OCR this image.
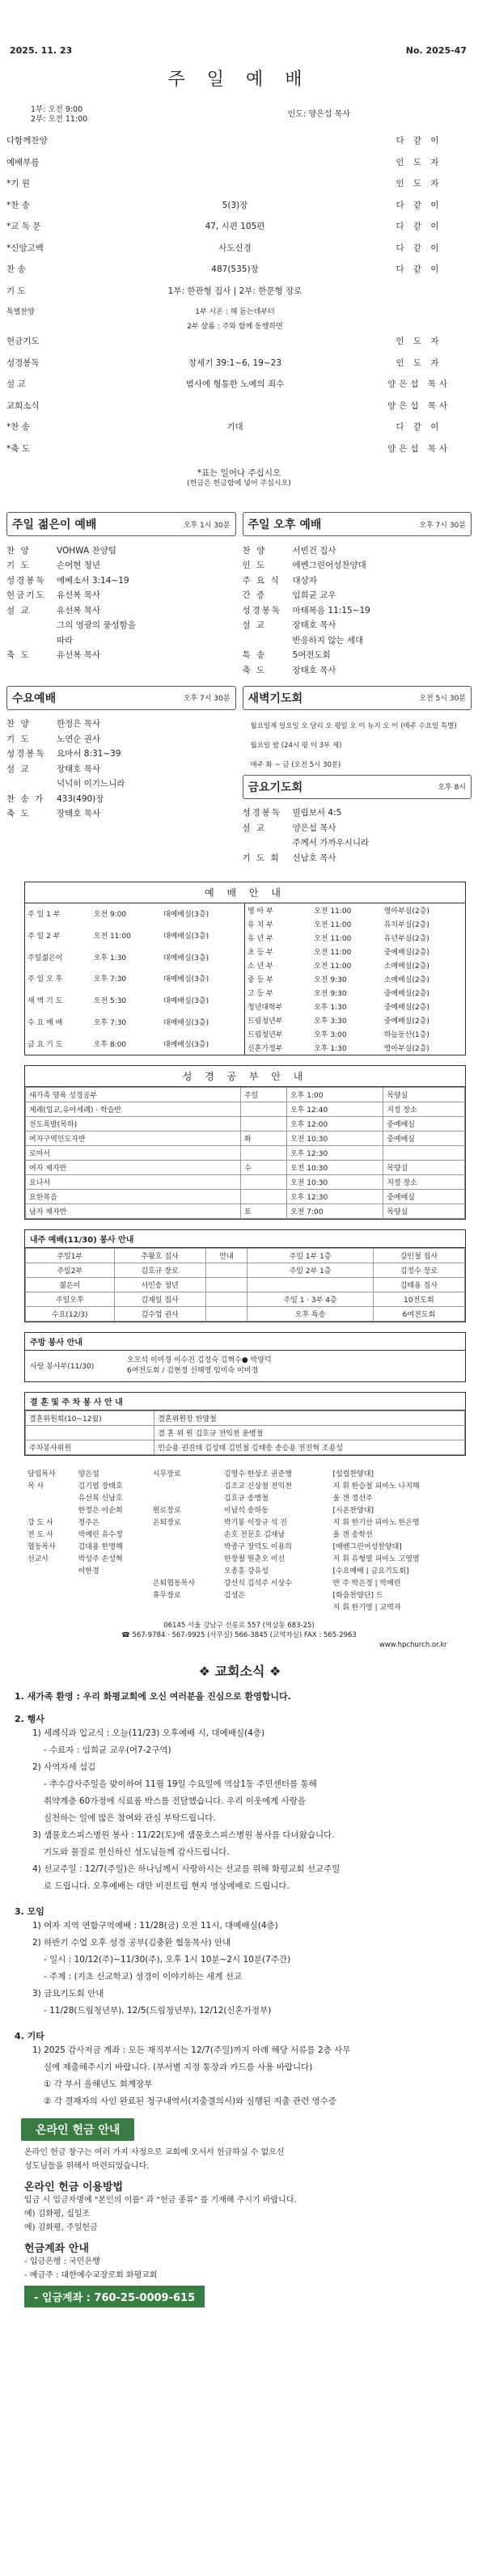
2025. 11. 23	No. 2025-47
주 일 예 배
1부: 오전 9:00
2부: 오전 11:00
인도: 양은섭 목사
다함께찬양	다 같 이
예배부름	인 도 자
*기 원	인 도 자
*찬 송	5(3)장	다 같 이
*교 독 문	47, 시편 105편	다 같 이
*신앙고백	사도신경	다 같 이
찬 송	487(535)장	다 같 이
기 도	1부: 한관형 집사 | 2부: 한문형 장로
특별찬양	1부 시온 : 해 돋는데부터
2부 샬롬 : 주와 함께 동행하면
헌금기도	인 도 자
성경봉독	창세기 39:1~6, 19~23	인 도 자
설 교	범사에 형통한 노예의 죄수	양은섭 목사
교회소식	양은섭 목사
*찬 송	기대	다 같 이
*축 도	양은섭 목사
*표는 일어나 주십시오
(헌금은 헌금함에 넣어 주십시오)
주일 젊은이 예배	오후 1시 30분
찬 양	VOHWA 찬양팀
기 도	손여현 청년
성경봉독	에베소서 3:14~19
헌금기도	유선복 목사
설 교	유선복 목사
그의 영광의 풍성함을
따라
축 도	유선복 목사
주일 오후 예배	오후 7시 30분
찬 양	서빈건 집사
인 도	에벤그린어성찬양대
주 요 식	대상자
간 증	임희균 교우
성경봉독	마태복음 11:15~19
설 교	장태호 목사
반응하지 않는 세대
특 송	5여전도회
축 도	장태호 목사
수요예배	오후 7시 30분
찬 양	한정은 목사
기 도	노연순 권사
성경봉독	요마서 8:31~39
설 교	장태호 목사
넉넉히 이기느니라
찬 송 가	433(490)장
축 도	장태호 목사
새벽기도회	오전 5시 30분
월요일제 일요일 오 당리 오 평일 오 이 뉴지 오 이 (매주 수요일 특별)
월요일 밤 (24시 평 이 3부 제)
매주 화 ~ 금 (오전 5시 30분)
금요기도회	오후 8시
성경봉독	빌립보서 4:5
설 교	양은섭 목사
주께서 가까우시니라
기 도 회	신남호 목사
예 배 안 내
주 일 1 부	오전 9:00	대예배실(3층)
주 일 2 부	오전 11:00	대예배실(3층)
주일젊은이	오후 1:30	대예배실(3층)
주 일 오 후	오후 7:30	대예배실(3층)
새 벽 기 도	오전 5:30	대예배실(3층)
수 요 예 배	오후 7:30	대예배실(3층)
금 요 기 도	오후 8:00	대예배실(3층)
영 아 부	오전 11:00	영아부실(2층)
유 치 부	오전 11:00	유치부실(2층)
유 년 부	오전 11:00	유년부실(2층)
초 등 부	오전 11:00	중예배실(2층)
소 년 부	오전 11:00	소예배실(2층)
중 등 부	오전 9:30	소예배실(2층)
고 등 부	오전 9:30	중예배실(2층)
청년대학부	오후 1:30	중예배실(2층)
드림청년부	오후 3:30	중예배실(2층)
드림청년부	오후 3:00	하늘동산(1층)
신혼가정부	오후 1:30	영아부실(2층)
성 경 공 부 안 내
새가족 양육 성경공부	주일	오후 1:00	목양실
제례(입교,유아세례) · 학습반		오후 12:40	지정 장소
전도폭발(목하)		오후 12:00	중예배실
여자구역인도자반	화	오전 10:30	중예배실
로마서		오후 12:30	
여자 제자반	수	오전 10:30	목양실
요나서		오전 10:30	지정 장소
요한복음		오후 12:30	중예배실
남자 제자반	토	오전 7:00	목양실
내주 예배(11/30) 봉사 안내
주일1부	추왕호 집사	안내	주일 1부 1층	강인철 집사
주일2부	김호규 장로		주일 2부 1층	김정수 장로
젊은이	서민송 청년			김태용 집사
주일오후	김재일 집사		주일 1 · 3부 4층	10전도회
수요(12/3)	김수업 권사		오후 특송	6여전도회
주방 봉사 안내
사랑 봉사부(11/30)
오모석 이미경 이수진 김정숙 김혁수● 박양덕
6여전도회 / 김현정 선해영 임미숙 이미경
결 혼 및 주 차 봉 사 안 내
결혼위원회(10~12월)	결혼위원장 한양철
	결 혼 위 원 김호규 전익천 윤병철
주차봉사위원	인승용 권진태 김성태 김민철 김태송 송승용 전진혁 조용성
담임목사	양은섭	시무장로	김영수 한상조 권준행	[설립찬양대]
목 사	김기엽 장태호		김조교 신상철 전익천	지 휘 한승철 피아노 나지해
	유선복 신남호		김호규 송병철	올 겐 정선주
	한정은 이순희	원로장로	이남석 송하동	[시온찬양대]
강 도 사	정주은	은퇴장로	박기봉 이장규 석 진	지 휘 한기산 피아노 한은영
전 도 사	박예린 유수정		손호 전문호 김재남	올 겐 송학선
협동목사	김대용 한명해		박종구 장덕도 이용의	[에벤그린어성찬양대]
선교사	박성주 손성혁		한장철 원춘오 이신	지 휘 유형열 피아노 고영영
	이한경		오종흥 강유성	[수요예배 | 금요기도회]
		은퇴협동목사	강선식 김석주 서상수	반 주 박은정 | 박예린
		휴무장로	김성은	[화음찬양단] 드
				지 휘 한기영 | 교역자
06145 서울 강남구 선릉로 557 (역삼동 683-25)
☎ 567-9784 · 567-9925 (사무실) 566-3845 (교역자실) FAX : 565-2963
www.hpchurch.or.kr
❖ 교회소식 ❖
1. 새가족 환영 : 우리 화평교회에 오신 여러분을 진심으로 환영합니다.
2. 행사

1) 세례식과 입교식 : 오늘(11/23) 오후예배 시, 대예배실(4층)

- 수료자 : 임희균 교우(여7-2구역)

2) 사역자세 섬김

- 추수감사주일을 맞이하여 11월 19일 수요일에 역삼1동 주민센터를 통해

취약계층 60가정에 식료품 박스를 전달했습니다. 우리 이웃에게 사랑을

실천하는 일에 많은 참여와 관심 부탁드립니다.

3) 샘물호스피스병원 봉사 : 11/22(토)에 샘물호스피스병원 봉사를 다녀왔습니다.

기도와 물질로 헌신하신 성도님들께 감사드립니다.

4) 선교주일 : 12/7(주일)은 하나님께서 사랑하시는 선교를 위해 화평교회 선교주일

로 드립니다. 오후예배는 대만 비전트립 현지 영상예배로 드립니다.

3. 모임

1) 여자 지역 연합구역예배 : 11/28(금) 오전 11시, 대예배실(4층)

2) 하반기 수업 오후 성경 공부(김충환 협동목사) 안내

- 일시 : 10/12(주)~11/30(주), 오후 1시 10분~2시 10분(7주간)

- 주제 : (기초 신교학교) 성경이 이야기하는 세계 선교

3) 금요기도회 안내

- 11/28(드림청년부), 12/5(드림청년부), 12/12(신혼가정부)

4. 기타

1) 2025 감사저금 계좌 : 모든 재직부서는 12/7(주일)까지 아래 해당 서류를 2층 사무

실에 제출해주시기 바랍니다. (부서별 지정 통장과 카드를 사용 바랍니다)

① 각 부서 올해년도 회계장부

② 각 결재자의 사인 완료된 청구내역서(지출결의서)와 실행된 지출 관련 영수증

온라인 헌금 안내

온라인 헌금 창구는 여러 가지 사정으로 교회에 오셔서 헌금하실 수 없으신

성도님들을 위해서 마련되었습니다.

온라인 헌금 이용방법

입금 시 입금자명에 "본인의 이름" 과 "헌금 종류" 를 기재해 주시기 바랍니다.

예) 김화평, 십일조

예) 김화평, 주일헌금

헌금계좌 안내

- 입금은행 : 국민은행

- 예금주 : 대한예수교장로회 화평교회

- 입금계좌 : 760-25-0009-615
